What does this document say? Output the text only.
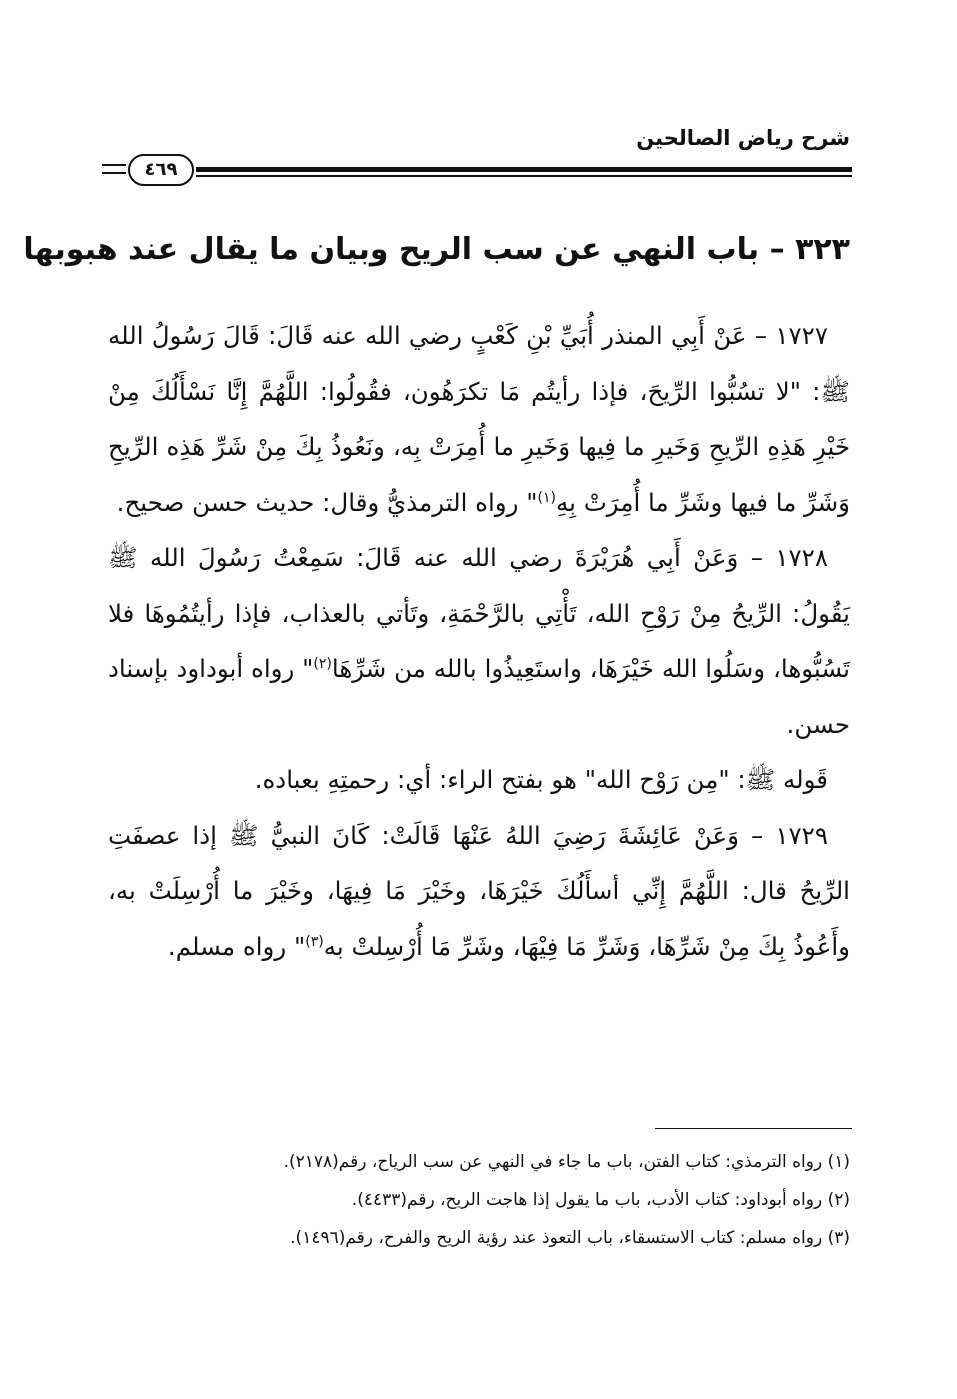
شرح رياض الصالحين
٤٦٩
٣٢٣ – باب النهي عن سب الريح وبيان ما يقال عند هبوبها

١٧٢٧ – عَنْ أَبِي المنذر أُبَيِّ بْنِ كَعْبٍ رضي الله عنه قَالَ: قَالَ رَسُولُ الله ﷺ: "لا تسُبُّوا الرِّيحَ، فإذا رأيتُم مَا تكرَهُون، فقُولُوا: اللَّهُمَّ إِنَّا نَسْأَلُكَ مِنْ خَيْرِ هَذِهِ الرِّيحِ وَخَيرِ ما فِيها وَخَيرِ ما أُمِرَتْ بِه، ونَعُوذُ بِكَ مِنْ شَرِّ هَذِه الرِّيحِ وَشَرِّ ما فيها وشَرِّ ما أُمِرَتْ بِهِ$^{(١)}$" رواه الترمذيُّ وقال: حديث حسن صحيح.

١٧٢٨ – وَعَنْ أَبِي هُرَيْرَةَ رضي الله عنه قَالَ: سَمِعْتُ رَسُولَ الله ﷺ يَقُولُ: الرِّيحُ مِنْ رَوْحِ الله، تَأْتِي بالرَّحْمَةِ، وتَأتي بالعذاب، فإذا رأيتُمُوهَا فلا تَسُبُّوها، وسَلُوا الله خَيْرَهَا، واستَعِيذُوا بالله من شَرِّهَا$^{(٢)}$" رواه أبوداود بإسناد حسن.

قَوله ﷺ: "مِن رَوْح الله" هو بفتح الراء: أي: رحمتِهِ بعباده.

١٧٢٩ – وَعَنْ عَائِشَةَ رَضِيَ اللهُ عَنْهَا قَالَتْ: كَانَ النبيُّ ﷺ إذا عصفَتِ الرِّيحُ قال: اللَّهُمَّ إِنِّي أسأَلُكَ خَيْرَهَا، وخَيْرَ مَا فِيهَا، وخَيْرَ ما أُرْسِلَتْ به، وأَعُوذُ بِكَ مِنْ شَرِّهَا، وَشَرِّ مَا فِيْهَا، وشَرِّ مَا أُرْسِلتْ به$^{(٣)}$" رواه مسلم.

(١) رواه الترمذي: كتاب الفتن، باب ما جاء في النهي عن سب الرياح، رقم(٢١٧٨).

(٢) رواه أبوداود: كتاب الأدب، باب ما يقول إذا هاجت الريح، رقم(٤٤٣٣).

(٣) رواه مسلم: كتاب الاستسقاء، باب التعوذ عند رؤية الريح والفرح، رقم(١٤٩٦).
